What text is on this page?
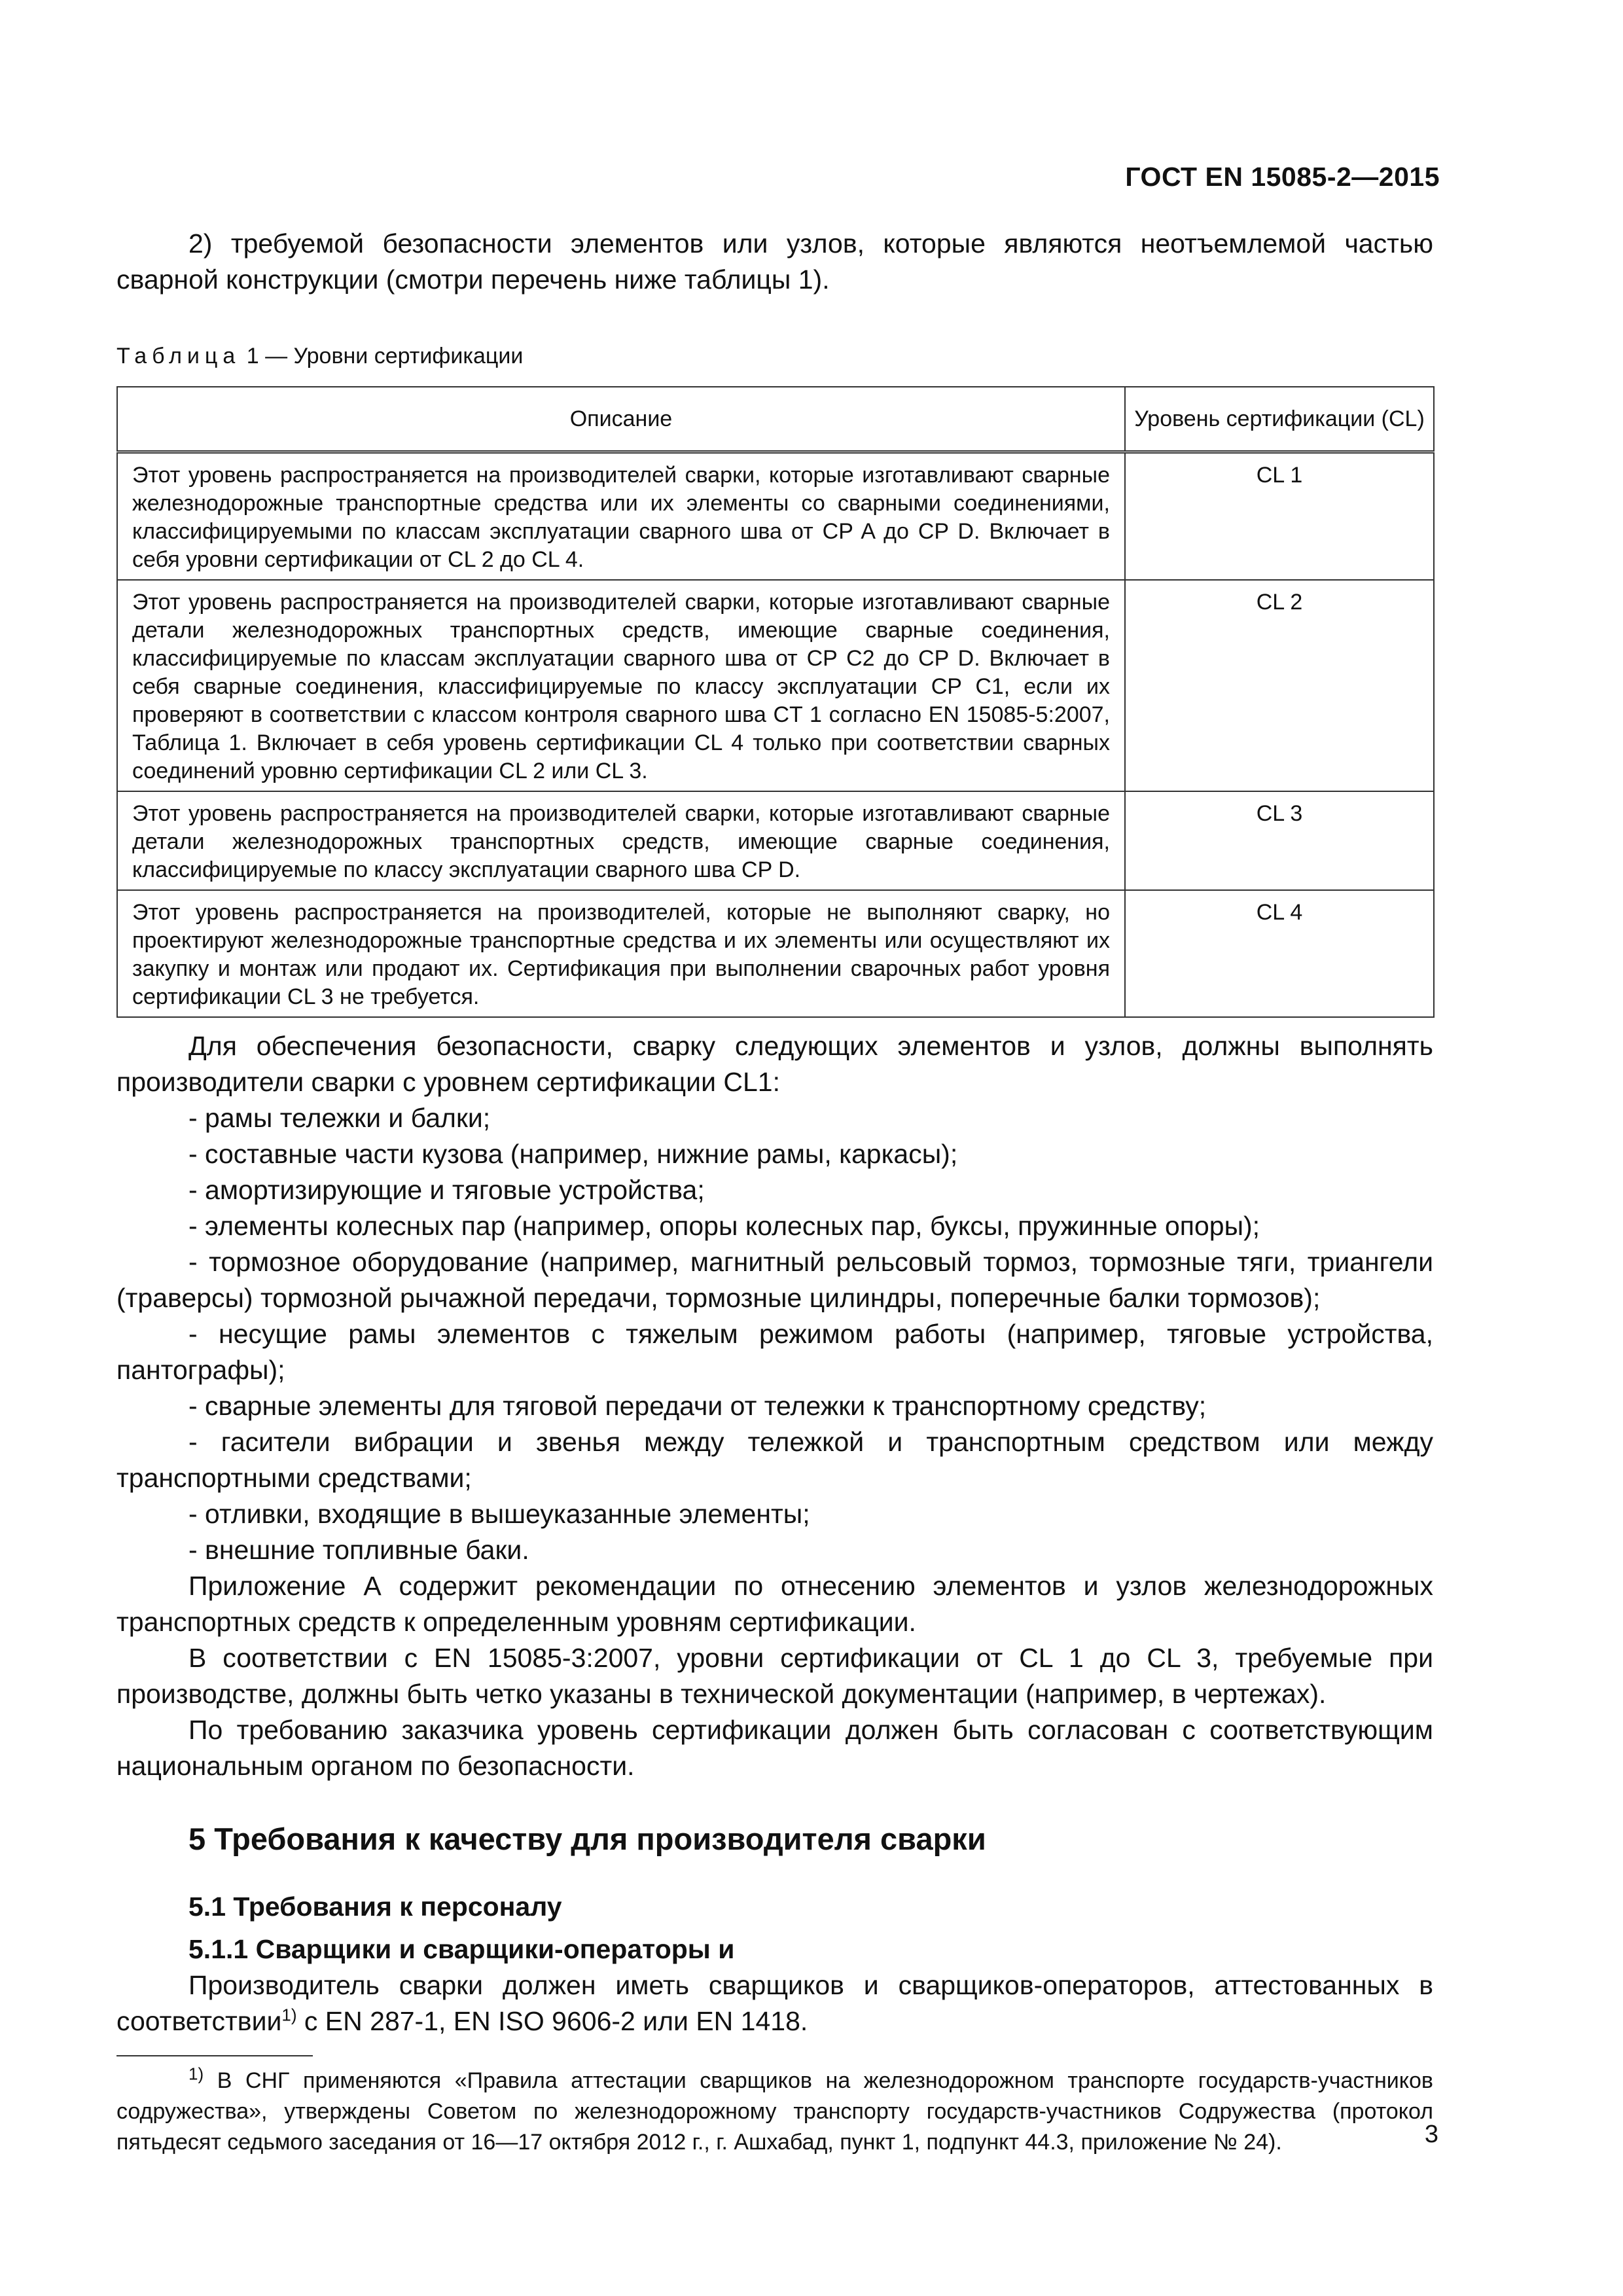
ГОСТ EN 15085-2—2015

2) требуемой безопасности элементов или узлов, которые являются неотъемлемой частью сварной конструкции (смотри перечень ниже таблицы 1).

Таблица 1 — Уровни сертификации

Описание	Уровень сертификации (CL)
Этот уровень распространяется на производителей сварки, которые изготавливают сварные железнодорожные транспортные средства или их элементы со сварными соединениями, классифицируемыми по классам эксплуатации сварного шва от CP A до CP D. Включает в себя уровни сертификации от CL 2 до CL 4.	CL 1
Этот уровень распространяется на производителей сварки, которые изготавливают сварные детали железнодорожных транспортных средств, имеющие сварные соединения, классифицируемые по классам эксплуатации сварного шва от CP C2 до CP D. Включает в себя сварные соединения, классифицируемые по классу эксплуатации CP C1, если их проверяют в соответствии с классом контроля сварного шва CT 1 согласно EN 15085-5:2007, Таблица 1. Включает в себя уровень сертификации CL 4 только при соответствии сварных соединений уровню сертификации CL 2 или CL 3.	CL 2
Этот уровень распространяется на производителей сварки, которые изготавливают сварные детали железнодорожных транспортных средств, имеющие сварные соединения, классифицируемые по классу эксплуатации сварного шва CP D.	CL 3
Этот уровень распространяется на производителей, которые не выполняют сварку, но проектируют железнодорожные транспортные средства и их элементы или осуществляют их закупку и монтаж или продают их. Сертификация при выполнении сварочных работ уровня сертификации CL 3 не требуется.	CL 4

Для обеспечения безопасности, сварку следующих элементов и узлов, должны выполнять производители сварки с уровнем сертификации CL1:

- рамы тележки и балки;

- составные части кузова (например, нижние рамы, каркасы);

- амортизирующие и тяговые устройства;

- элементы колесных пар (например, опоры колесных пар, буксы, пружинные опоры);

- тормозное оборудование (например, магнитный рельсовый тормоз, тормозные тяги, триангели (траверсы) тормозной рычажной передачи, тормозные цилиндры, поперечные балки тормозов);

- несущие рамы элементов с тяжелым режимом работы (например, тяговые устройства, пантографы);

- сварные элементы для тяговой передачи от тележки к транспортному средству;

- гасители вибрации и звенья между тележкой и транспортным средством или между транспортными средствами;

- отливки, входящие в вышеуказанные элементы;

- внешние топливные баки.

Приложение А содержит рекомендации по отнесению элементов и узлов железнодорожных транспортных средств к определенным уровням сертификации.

В соответствии с EN 15085-3:2007, уровни сертификации от CL 1 до CL 3, требуемые при производстве, должны быть четко указаны в технической документации (например, в чертежах).

По требованию заказчика уровень сертификации должен быть согласован с соответствующим национальным органом по безопасности.

5 Требования к качеству для производителя сварки
5.1 Требования к персоналу
5.1.1 Сварщики и сварщики-операторы и

Производитель сварки должен иметь сварщиков и сварщиков-операторов, аттестованных в соответствии$^{1)}$ с EN 287-1, EN ISO 9606-2 или EN 1418.

$^{1)}$ В СНГ применяются «Правила аттестации сварщиков на железнодорожном транспорте государств-участников содружества», утверждены Советом по железнодорожному транспорту государств-участников Содружества (протокол пятьдесят седьмого заседания от 16—17 октября 2012 г., г. Ашхабад, пункт 1, подпункт 44.3, приложение № 24).	3
